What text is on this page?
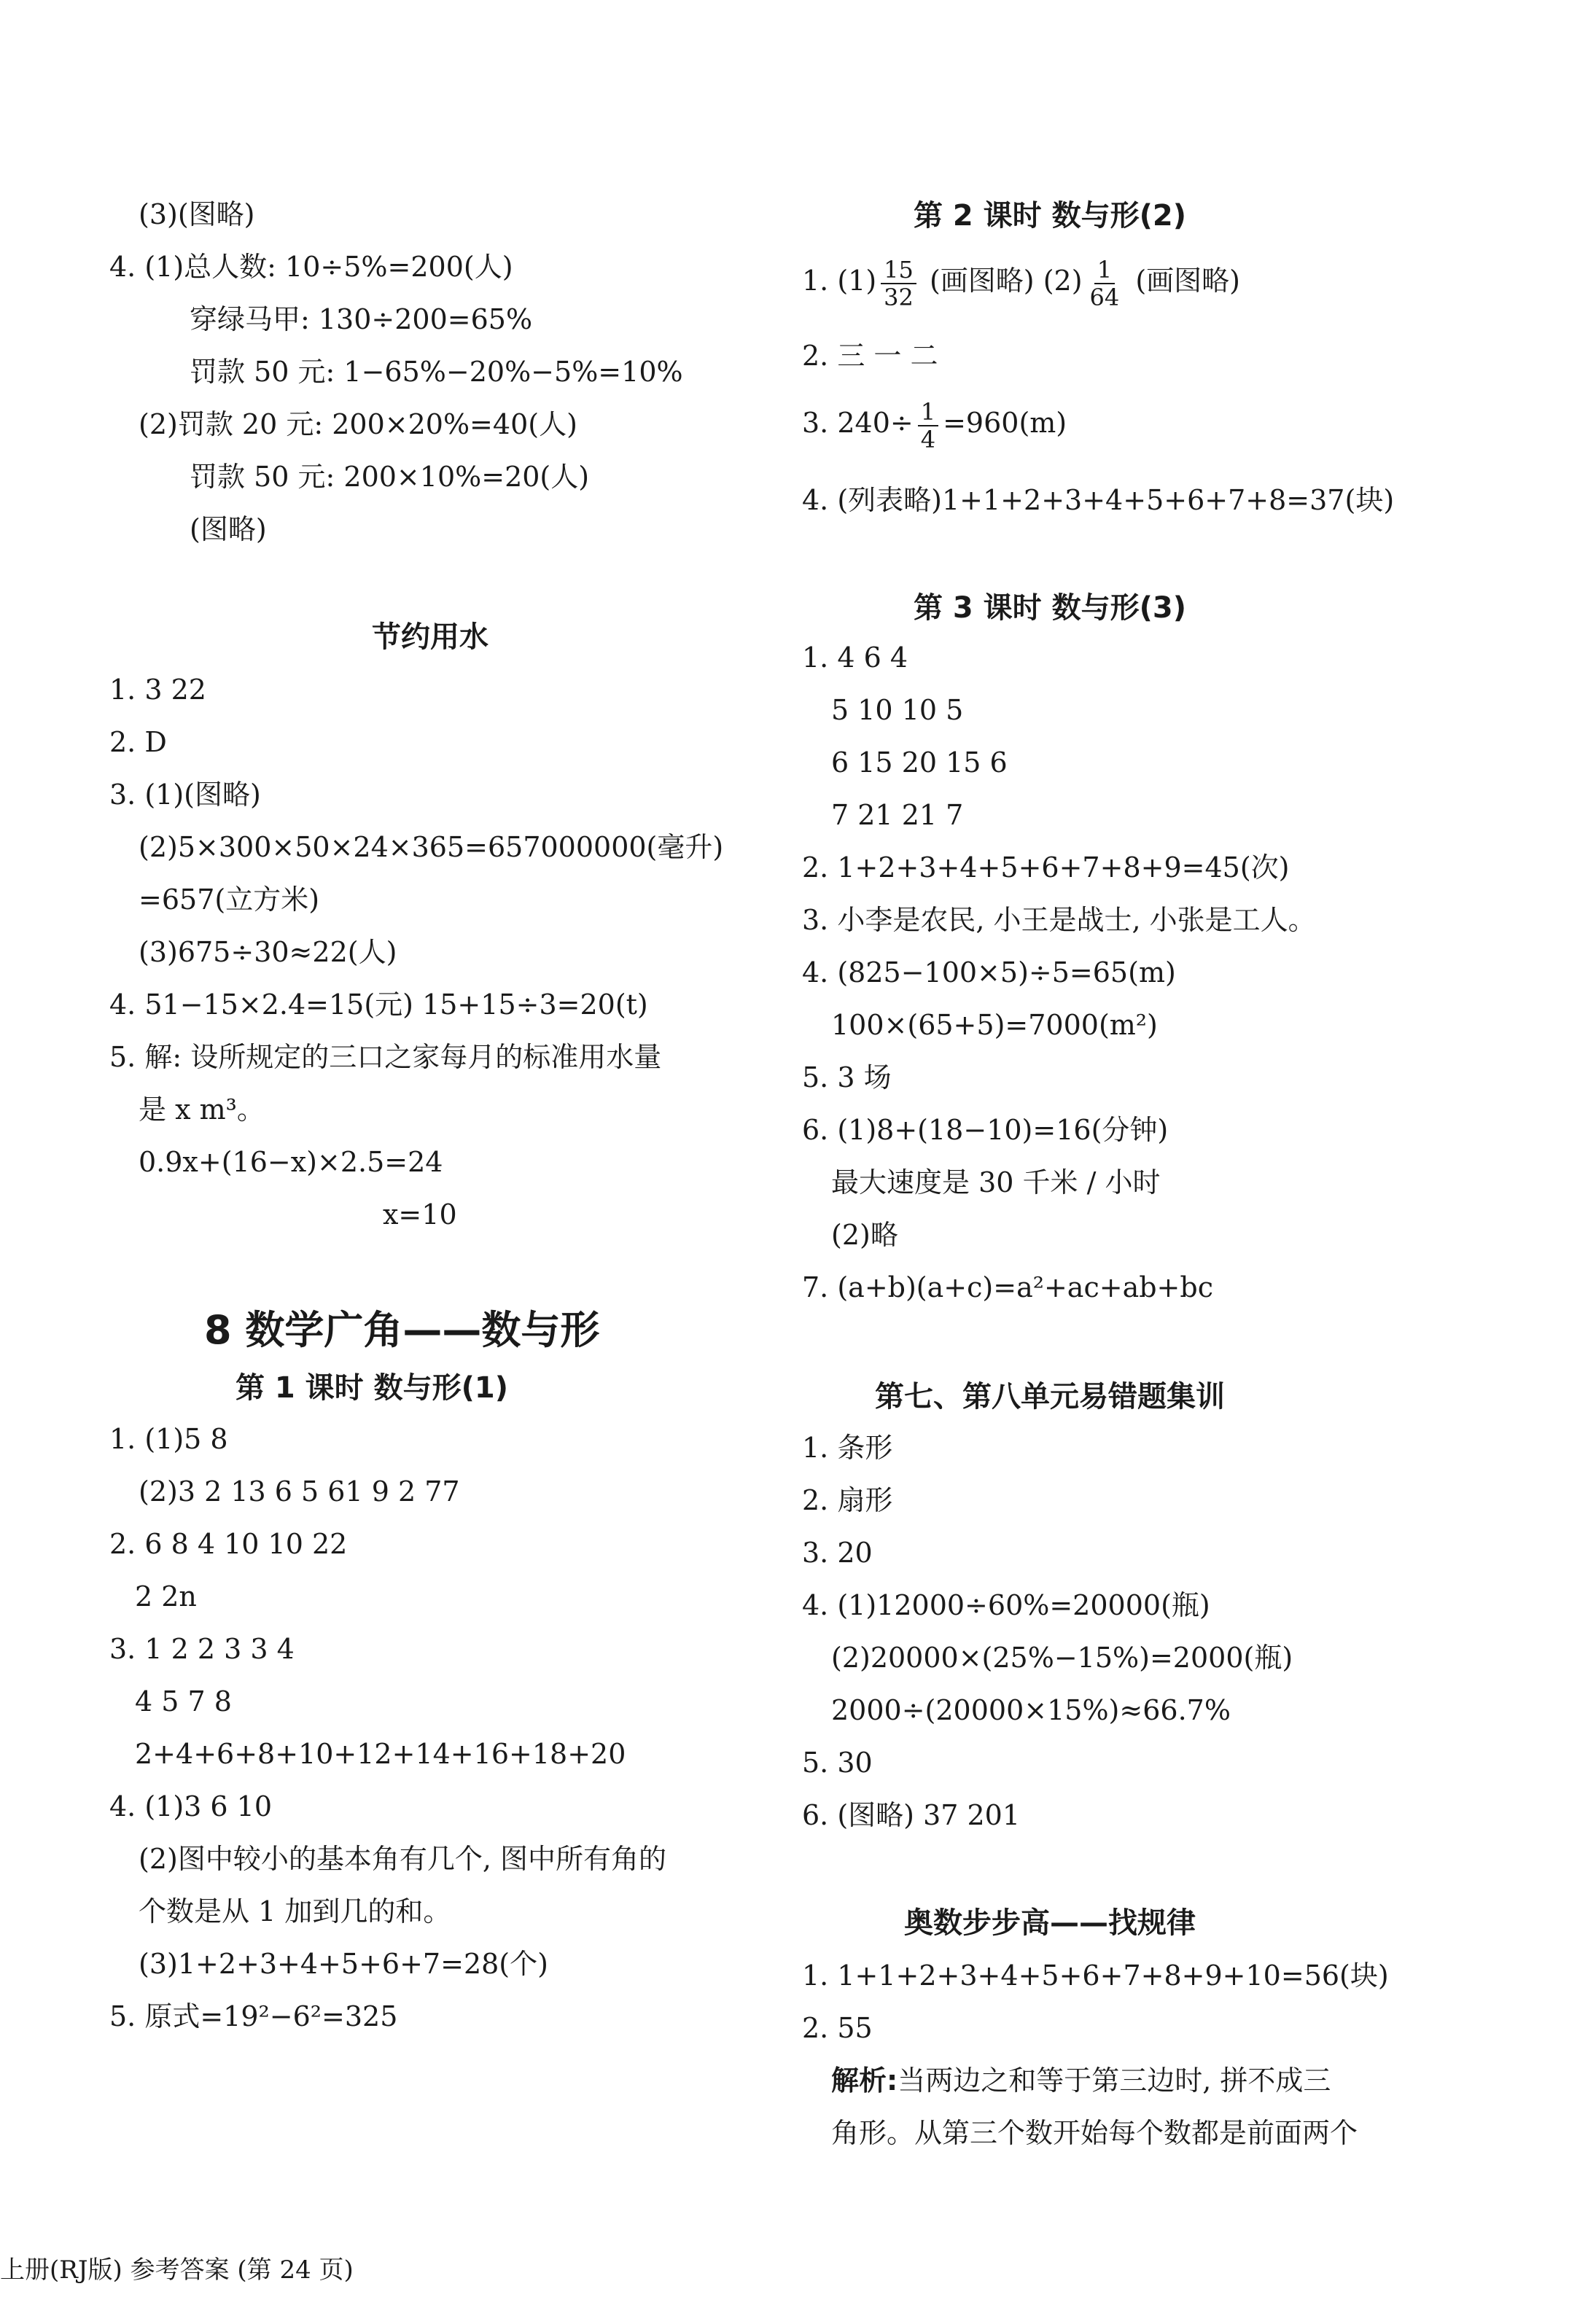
(3)(图略)
4. (1)总人数: 10÷5%=200(人)
穿绿马甲: 130÷200=65%
罚款 50 元: 1−65%−20%−5%=10%
(2)罚款 20 元: 200×20%=40(人)
罚款 50 元: 200×10%=20(人)
(图略)
节约用水
1. 3 22
2. D
3. (1)(图略)
(2)5×300×50×24×365=657000000(毫升)
=657(立方米)
(3)675÷30≈22(人)
4. 51−15×2.4=15(元) 15+15÷3=20(t)
5. 解: 设所规定的三口之家每月的标准用水量
是 x m³。
0.9x+(16−x)×2.5=24
x=10
8 数学广角——数与形
第 1 课时 数与形(1)
1. (1)5 8
(2)3 2 13 6 5 61 9 2 77
2. 6 8 4 10 10 22
2 2n
3. 1 2 2 3 3 4
4 5 7 8
2+4+6+8+10+12+14+16+18+20
4. (1)3 6 10
(2)图中较小的基本角有几个, 图中所有角的
个数是从 1 加到几的和。
(3)1+2+3+4+5+6+7=28(个)
5. 原式=19²−6²=325
第 2 课时 数与形(2)
1. $(1) \frac{15}{32}$ (画图略) $(2) \frac{1}{64}$ (画图略)
2. 三 一 二
3. $240\div \frac{1}{4} =960(m)$
4. (列表略)1+1+2+3+4+5+6+7+8=37(块)
第 3 课时 数与形(3)
1. 4 6 4
5 10 10 5
6 15 20 15 6
7 21 21 7
2. 1+2+3+4+5+6+7+8+9=45(次)
3. 小李是农民, 小王是战士, 小张是工人。
4. (825−100×5)÷5=65(m)
100×(65+5)=7000(m²)
5. 3 场
6. (1)8+(18−10)=16(分钟)
最大速度是 30 千米 / 小时
(2)略
7. (a+b)(a+c)=a²+ac+ab+bc
第七、第八单元易错题集训
1. 条形
2. 扇形
3. 20
4. (1)12000÷60%=20000(瓶)
(2)20000×(25%−15%)=2000(瓶)
2000÷(20000×15%)≈66.7%
5. 30
6. (图略) 37 201
奥数步步高——找规律
1. 1+1+2+3+4+5+6+7+8+9+10=56(块)
2. 55
解析:当两边之和等于第三边时, 拼不成三
角形。从第三个数开始每个数都是前面两个
上册(RJ版) 参考答案 (第 24 页)
